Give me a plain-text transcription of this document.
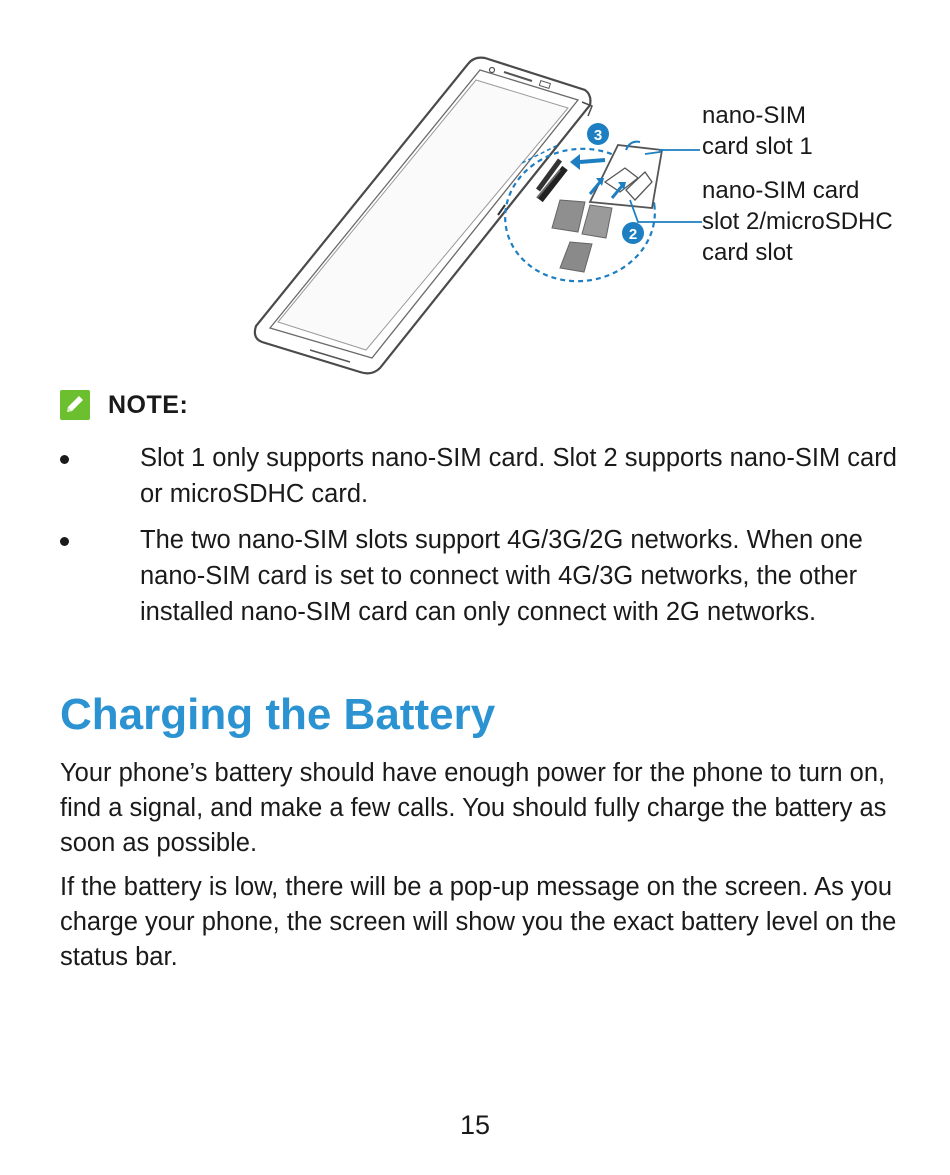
3
2
nano-SIM
card slot 1
nano-SIM card
slot 2/microSDHC
card slot
NOTE:
Slot 1 only supports nano-SIM card. Slot 2 supports nano-SIM card or microSDHC card.
The two nano-SIM slots support 4G/3G/2G networks. When one nano-SIM card is set to connect with 4G/3G networks, the other installed nano-SIM card can only connect with 2G networks.
Charging the Battery

Your phone’s battery should have enough power for the phone to turn on, find a signal, and make a few calls. You should fully charge the battery as soon as possible.

If the battery is low, there will be a pop-up message on the screen. As you charge your phone, the screen will show you the exact battery level on the status bar.

15
